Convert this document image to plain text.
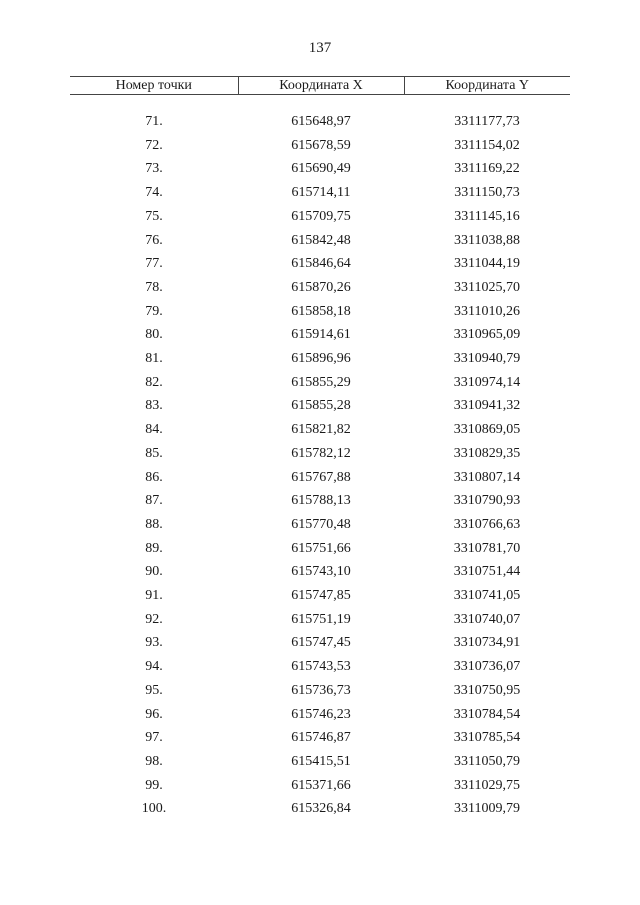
137
Номер точки	Координата X	Координата Y

71.	615648,97	3311177,73
72.	615678,59	3311154,02
73.	615690,49	3311169,22
74.	615714,11	3311150,73
75.	615709,75	3311145,16
76.	615842,48	3311038,88
77.	615846,64	3311044,19
78.	615870,26	3311025,70
79.	615858,18	3311010,26
80.	615914,61	3310965,09
81.	615896,96	3310940,79
82.	615855,29	3310974,14
83.	615855,28	3310941,32
84.	615821,82	3310869,05
85.	615782,12	3310829,35
86.	615767,88	3310807,14
87.	615788,13	3310790,93
88.	615770,48	3310766,63
89.	615751,66	3310781,70
90.	615743,10	3310751,44
91.	615747,85	3310741,05
92.	615751,19	3310740,07
93.	615747,45	3310734,91
94.	615743,53	3310736,07
95.	615736,73	3310750,95
96.	615746,23	3310784,54
97.	615746,87	3310785,54
98.	615415,51	3311050,79
99.	615371,66	3311029,75
100.	615326,84	3311009,79
